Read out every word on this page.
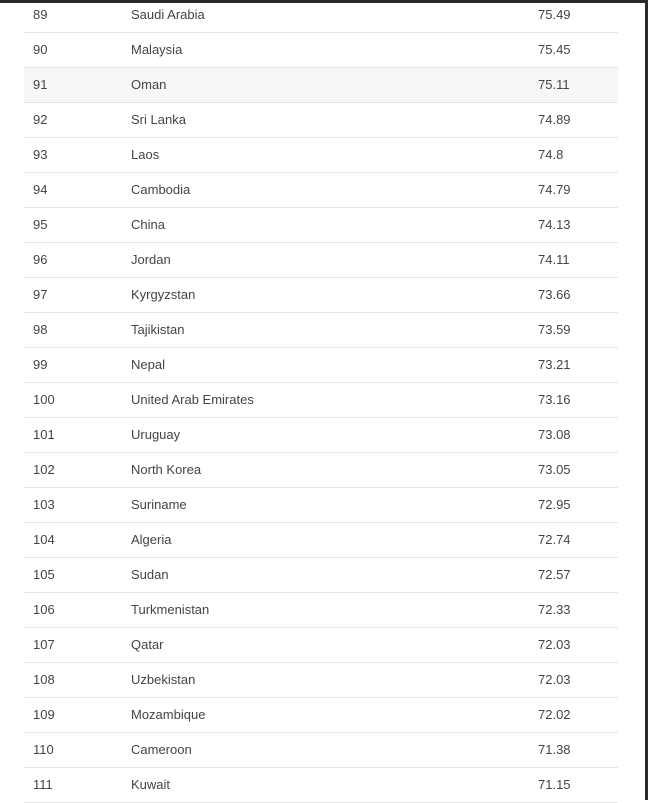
89	Saudi Arabia	75.49
90	Malaysia	75.45
91	Oman	75.11
92	Sri Lanka	74.89
93	Laos	74.8
94	Cambodia	74.79
95	China	74.13
96	Jordan	74.11
97	Kyrgyzstan	73.66
98	Tajikistan	73.59
99	Nepal	73.21
100	United Arab Emirates	73.16
101	Uruguay	73.08
102	North Korea	73.05
103	Suriname	72.95
104	Algeria	72.74
105	Sudan	72.57
106	Turkmenistan	72.33
107	Qatar	72.03
108	Uzbekistan	72.03
109	Mozambique	72.02
110	Cameroon	71.38
111	Kuwait	71.15
